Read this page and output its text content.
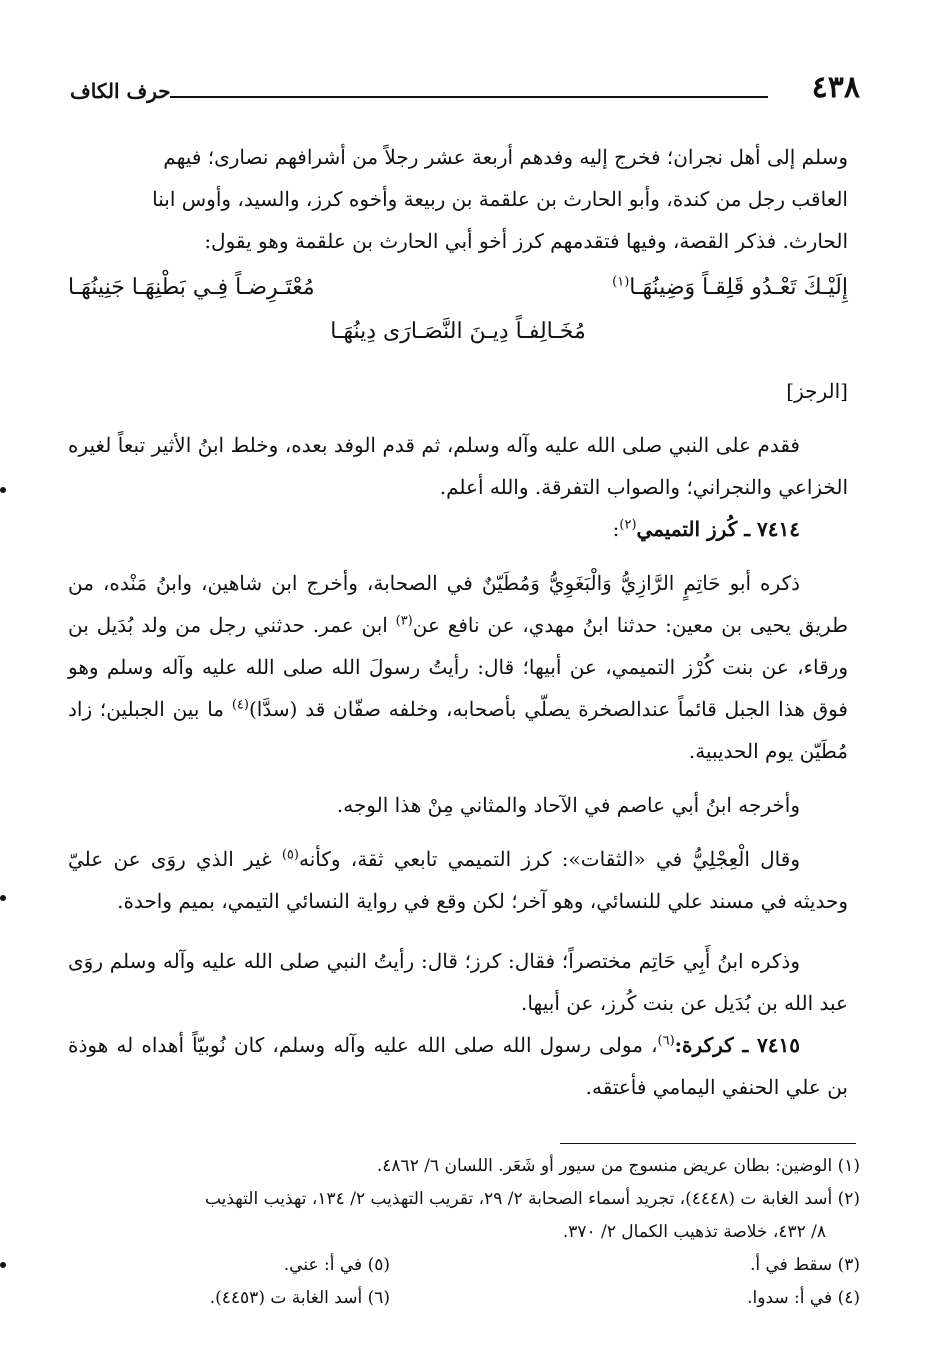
٤٣٨
حرف الكاف

وسلم إلى أهل نجران؛ فخرج إليه وفدهم أربعة عشر رجلاً من أشرافهم نصارى؛ فيهم

العاقب رجل من كندة، وأبو الحارث بن علقمة بن ربيعة وأخوه كرز، والسيد، وأوس ابنا

الحارث. فذكر القصة، وفيها فتقدمهم كرز أخو أبي الحارث بن علقمة وهو يقول:

إِلَيْـكَ تَعْـدُو قَلِقـاً وَضِينُهَـا$^{(١)}$
مُعْتَـرِضـاً فِـي بَطْنِهَـا جَنِينُهَـا
مُخَـالِفـاً دِيـنَ النَّصَـارَى دِينُهَـا

[الرجز]

فقدم على النبي صلى الله عليه وآله وسلم، ثم قدم الوفد بعده، وخلط ابنُ الأثير تبعاً لغيره الخزاعي والنجراني؛ والصواب التفرقة. والله أعلم.

٧٤١٤ ـ كُرز التميمي$^{(٢)}$:

ذكره أبو حَاتِمٍ الرَّازِيُّ وَالْبَغَوِيُّ وَمُطَيّنٌ في الصحابة، وأخرج ابن شاهين، وابنُ مَنْده، من طريق يحيى بن معين: حدثنا ابنُ مهدي، عن نافع عن$^{(٣)}$ ابن عمر. حدثني رجل من ولد بُدَيل بن ورقاء، عن بنت كُرْز التميمي، عن أبيها؛ قال: رأيتُ رسولَ الله صلى الله عليه وآله وسلم وهو فوق هذا الجبل قائماً عندالصخرة يصلّي بأصحابه، وخلفه صفّان قد (سدَّا)$^{(٤)}$ ما بين الجبلين؛ زاد مُطَيّن يوم الحديبية.

وأخرجه ابنُ أبي عاصم في الآحاد والمثاني مِنْ هذا الوجه.

وقال الْعِجْلِيُّ في «الثقات»: كرز التميمي تابعي ثقة، وكأنه$^{(٥)}$ غير الذي روَى عن عليّ وحديثه في مسند علي للنسائي، وهو آخر؛ لكن وقع في رواية النسائي التيمي، بميم واحدة.

وذكره ابنُ أَبِي حَاتِم مختصراً؛ فقال: كرز؛ قال: رأيتُ النبي صلى الله عليه وآله وسلم روَى عبد الله بن بُدَيل عن بنت كُرز، عن أبيها.

٧٤١٥ ـ كركرة:$^{(٦)}$، مولى رسول الله صلى الله عليه وآله وسلم، كان نُوبيّاً أهداه له هوذة بن علي الحنفي اليمامي فأعتقه.

(١) الوضين: بطان عريض منسوج من سيور أو شَعَر. اللسان ٦/ ٤٨٦٢.

(٢) أسد الغابة ت (٤٤٤٨)، تجريد أسماء الصحابة ٢/ ٢٩، تقريب التهذيب ٢/ ١٣٤، تهذيب التهذيب

٨/ ٤٣٢، خلاصة تذهيب الكمال ٢/ ٣٧٠.

(٣) سقط في أ.
(٥) في أ: عني.
(٤) في أ: سدوا.
(٦) أسد الغابة ت (٤٤٥٣).
